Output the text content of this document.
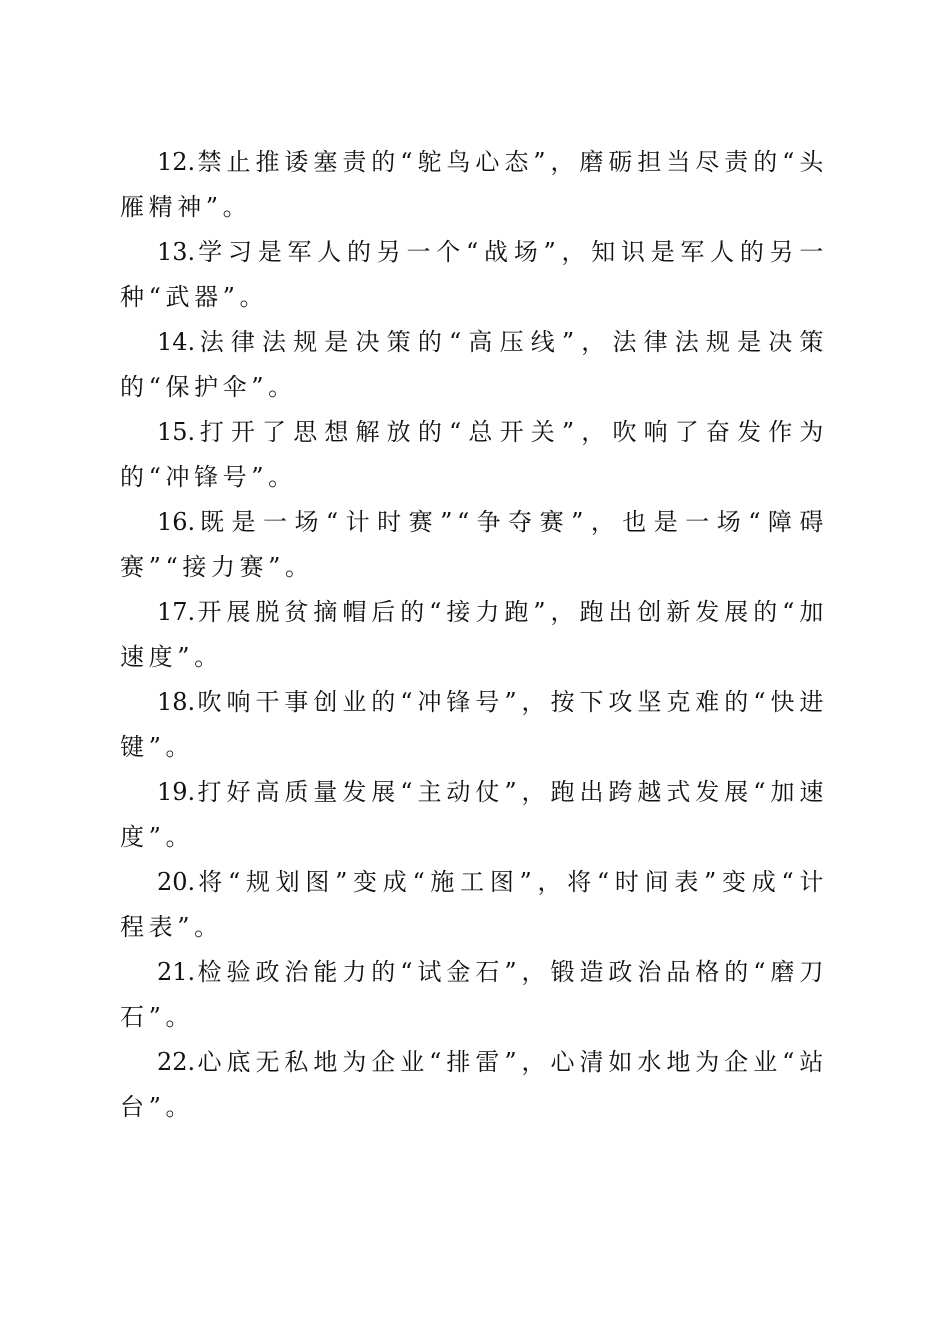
12.禁止推诿塞责的“鸵鸟心态”，磨砺担当尽责的“头雁精神”。

13.学习是军人的另一个“战场”，知识是军人的另一种“武器”。

14.法律法规是决策的“高压线”，法律法规是决策的“保护伞”。

15.打开了思想解放的“总开关”，吹响了奋发作为的“冲锋号”。

16.既是一场“计时赛”“争夺赛”，也是一场“障碍赛”“接力赛”。

17.开展脱贫摘帽后的“接力跑”，跑出创新发展的“加速度”。

18.吹响干事创业的“冲锋号”，按下攻坚克难的“快进键”。

19.打好高质量发展“主动仗”，跑出跨越式发展“加速度”。

20.将“规划图”变成“施工图”，将“时间表”变成“计程表”。

21.检验政治能力的“试金石”，锻造政治品格的“磨刀石”。

22.心底无私地为企业“排雷”，心清如水地为企业“站台”。
